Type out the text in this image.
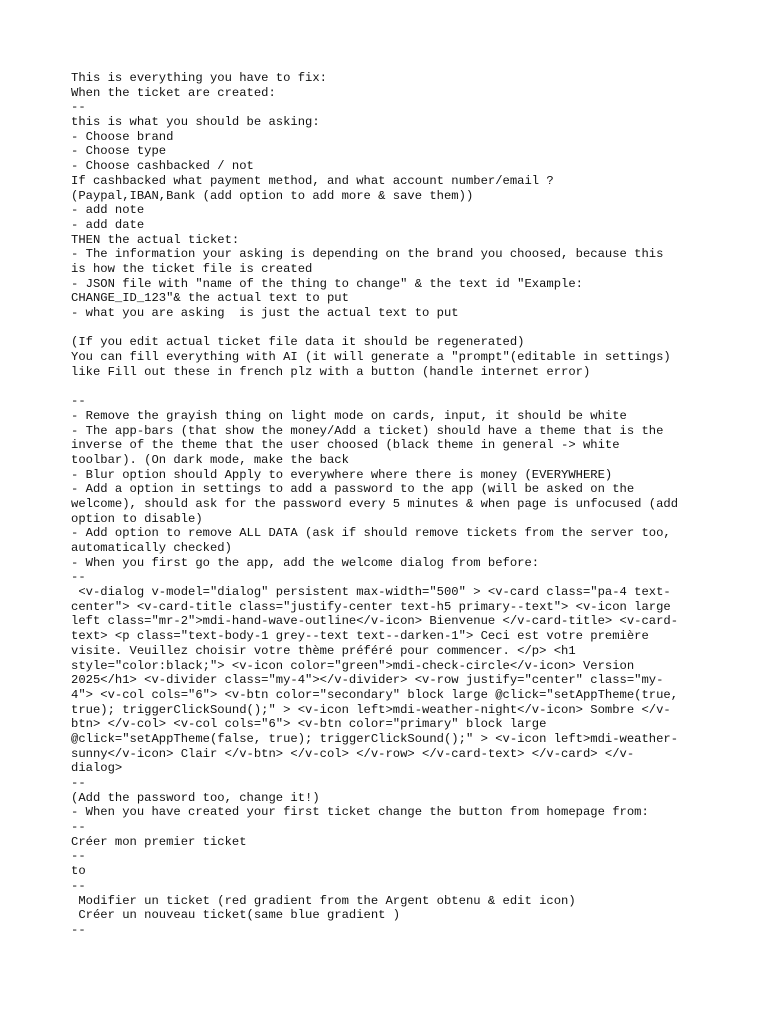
This is everything you have to fix:
When the ticket are created:
--
this is what you should be asking:
- Choose brand
- Choose type
- Choose cashbacked / not
If cashbacked what payment method, and what account number/email ?
(Paypal,IBAN,Bank (add option to add more & save them))
- add note
- add date
THEN the actual ticket:
- The information your asking is depending on the brand you choosed, because this
is how the ticket file is created
- JSON file with "name of the thing to change" & the text id "Example:
CHANGE_ID_123"& the actual text to put
- what you are asking  is just the actual text to put
(If you edit actual ticket file data it should be regenerated)
You can fill everything with AI (it will generate a "prompt"(editable in settings)
like Fill out these in french plz with a button (handle internet error)
--
- Remove the grayish thing on light mode on cards, input, it should be white
- The app-bars (that show the money/Add a ticket) should have a theme that is the
inverse of the theme that the user choosed (black theme in general -> white
toolbar). (On dark mode, make the back
- Blur option should Apply to everywhere where there is money (EVERYWHERE)
- Add a option in settings to add a password to the app (will be asked on the
welcome), should ask for the password every 5 minutes & when page is unfocused (add
option to disable)
- Add option to remove ALL DATA (ask if should remove tickets from the server too,
automatically checked)
- When you first go the app, add the welcome dialog from before:
--
<v-dialog v-model="dialog" persistent max-width="500" > <v-card class="pa-4 text-
center"> <v-card-title class="justify-center text-h5 primary--text"> <v-icon large
left class="mr-2">mdi-hand-wave-outline</v-icon> Bienvenue </v-card-title> <v-card-
text> <p class="text-body-1 grey--text text--darken-1"> Ceci est votre première
visite. Veuillez choisir votre thème préféré pour commencer. </p> <h1
style="color:black;"> <v-icon color="green">mdi-check-circle</v-icon> Version
2025</h1> <v-divider class="my-4"></v-divider> <v-row justify="center" class="my-
4"> <v-col cols="6"> <v-btn color="secondary" block large @click="setAppTheme(true,
true); triggerClickSound();" > <v-icon left>mdi-weather-night</v-icon> Sombre </v-
btn> </v-col> <v-col cols="6"> <v-btn color="primary" block large
@click="setAppTheme(false, true); triggerClickSound();" > <v-icon left>mdi-weather-
sunny</v-icon> Clair </v-btn> </v-col> </v-row> </v-card-text> </v-card> </v-
dialog>
--
(Add the password too, change it!)
- When you have created your first ticket change the button from homepage from:
--
Créer mon premier ticket
--
to
--
Modifier un ticket (red gradient from the Argent obtenu & edit icon)
Créer un nouveau ticket(same blue gradient )
--
